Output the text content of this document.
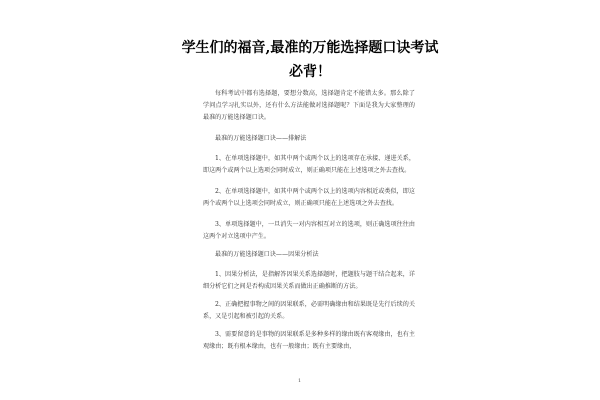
学生们的福音,最准的万能选择题口诀考试
必背！

每科考试中都有选择题，要想分数高，选择题肯定不能错太多。那么除了学问点学习扎实以外，还有什么方法能做对选择题呢？下面是我为大家整理的最准的万能选择题口诀。

最准的万能选择题口诀——排解法

1、在单项选择题中，如其中两个或两个以上的选项存在承接、递进关系，即这两个或两个以上选项会同时成立，则正确项只能在上述选项之外去查找。

2、在单项选择题中，如其中两个或两个以上的选项内容相近或类似，即这两个或两个以上选项会同时成立，则正确项只能在上述选项之外去查找。

3、单项选择题中，一旦消失一对内容相互对立的选项，则正确选项往往由这两个对立选项中产生。

最准的万能选择题口诀——因果分析法

1、因果分析法，是指解答因果关系选择题时，把题肢与题干结合起来，详细分析它们之间是否构成因果关系而做出正确推断的方法。

2、正确把握事物之间的因果联系，必需明确缘由和结果既是先行后续的关系，又是引起和被引起的关系。

3、需要留意的是事物的因果联系是多种多样的缘由既有客观缘由，也有主观缘由；既有根本缘由，也有一般缘由；既有主要缘由，

1
